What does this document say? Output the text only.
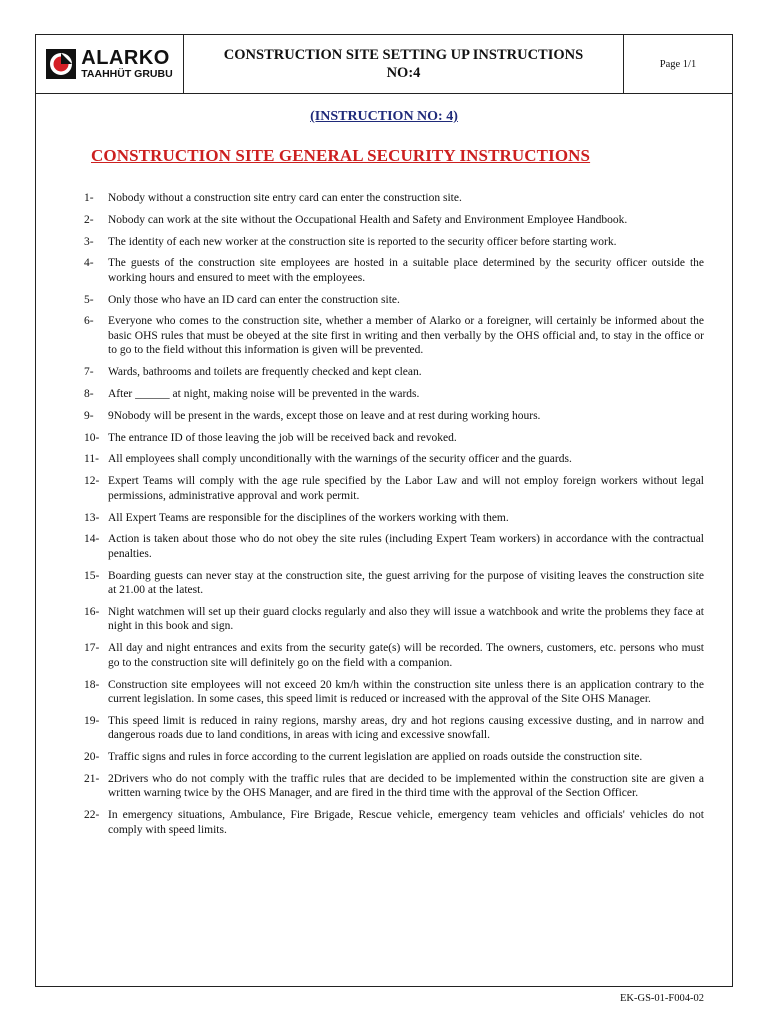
ALARKO
TAAHHÜT GRUBU
CONSTRUCTION SITE SETTING UP INSTRUCTIONS
NO:4
Page 1/1
(INSTRUCTION NO: 4)
CONSTRUCTION SITE GENERAL SECURITY INSTRUCTIONS
1-	Nobody without a construction site entry card can enter the construction site.
2-	Nobody can work at the site without the Occupational Health and Safety and Environment Employee Handbook.
3-	The identity of each new worker at the construction site is reported to the security officer before starting work.
4-	The guests of the construction site employees are hosted in a suitable place determined by the security officer outside the working hours and ensured to meet with the employees.
5-	Only those who have an ID card can enter the construction site.
6-	Everyone who comes to the construction site, whether a member of Alarko or a foreigner, will certainly be informed about the basic OHS rules that must be obeyed at the site first in writing and then verbally by the OHS official and, to stay in the office or to go to the field without this information is given will be prevented.
7-	Wards, bathrooms and toilets are frequently checked and kept clean.
8-	After ______ at night, making noise will be prevented in the wards.
9-	9Nobody will be present in the wards, except those on leave and at rest during working hours.
10- The entrance ID of those leaving the job will be received back and revoked.
11- All employees shall comply unconditionally with the warnings of the security officer and the guards.
12- Expert Teams will comply with the age rule specified by the Labor Law and will not employ foreign workers without legal permissions, administrative approval and work permit.
13- All Expert Teams are responsible for the disciplines of the workers working with them.
14- Action is taken about those who do not obey the site rules (including Expert Team workers) in accordance with the contractual penalties.
15- Boarding guests can never stay at the construction site, the guest arriving for the purpose of visiting leaves the construction site at 21.00 at the latest.
16- Night watchmen will set up their guard clocks regularly and also they will issue a watchbook and write the problems they face at night in this book and sign.
17- All day and night entrances and exits from the security gate(s) will be recorded. The owners, customers, etc. persons who must go to the construction site will definitely go on the field with a companion.
18- Construction site employees will not exceed 20 km/h within the construction site unless there is an application contrary to the current legislation. In some cases, this speed limit is reduced or increased with the approval of the Site OHS Manager.
19- This speed limit is reduced in rainy regions, marshy areas, dry and hot regions causing excessive dusting, and in narrow and dangerous roads due to land conditions, in areas with icing and excessive snowfall.
20- Traffic signs and rules in force according to the current legislation are applied on roads outside the construction site.
21- 2Drivers who do not comply with the traffic rules that are decided to be implemented within the construction site are given a written warning twice by the OHS Manager, and are fired in the third time with the approval of the Section Officer.
22- In emergency situations, Ambulance, Fire Brigade, Rescue vehicle, emergency team vehicles and officials' vehicles do not comply with speed limits.
EK-GS-01-F004-02
